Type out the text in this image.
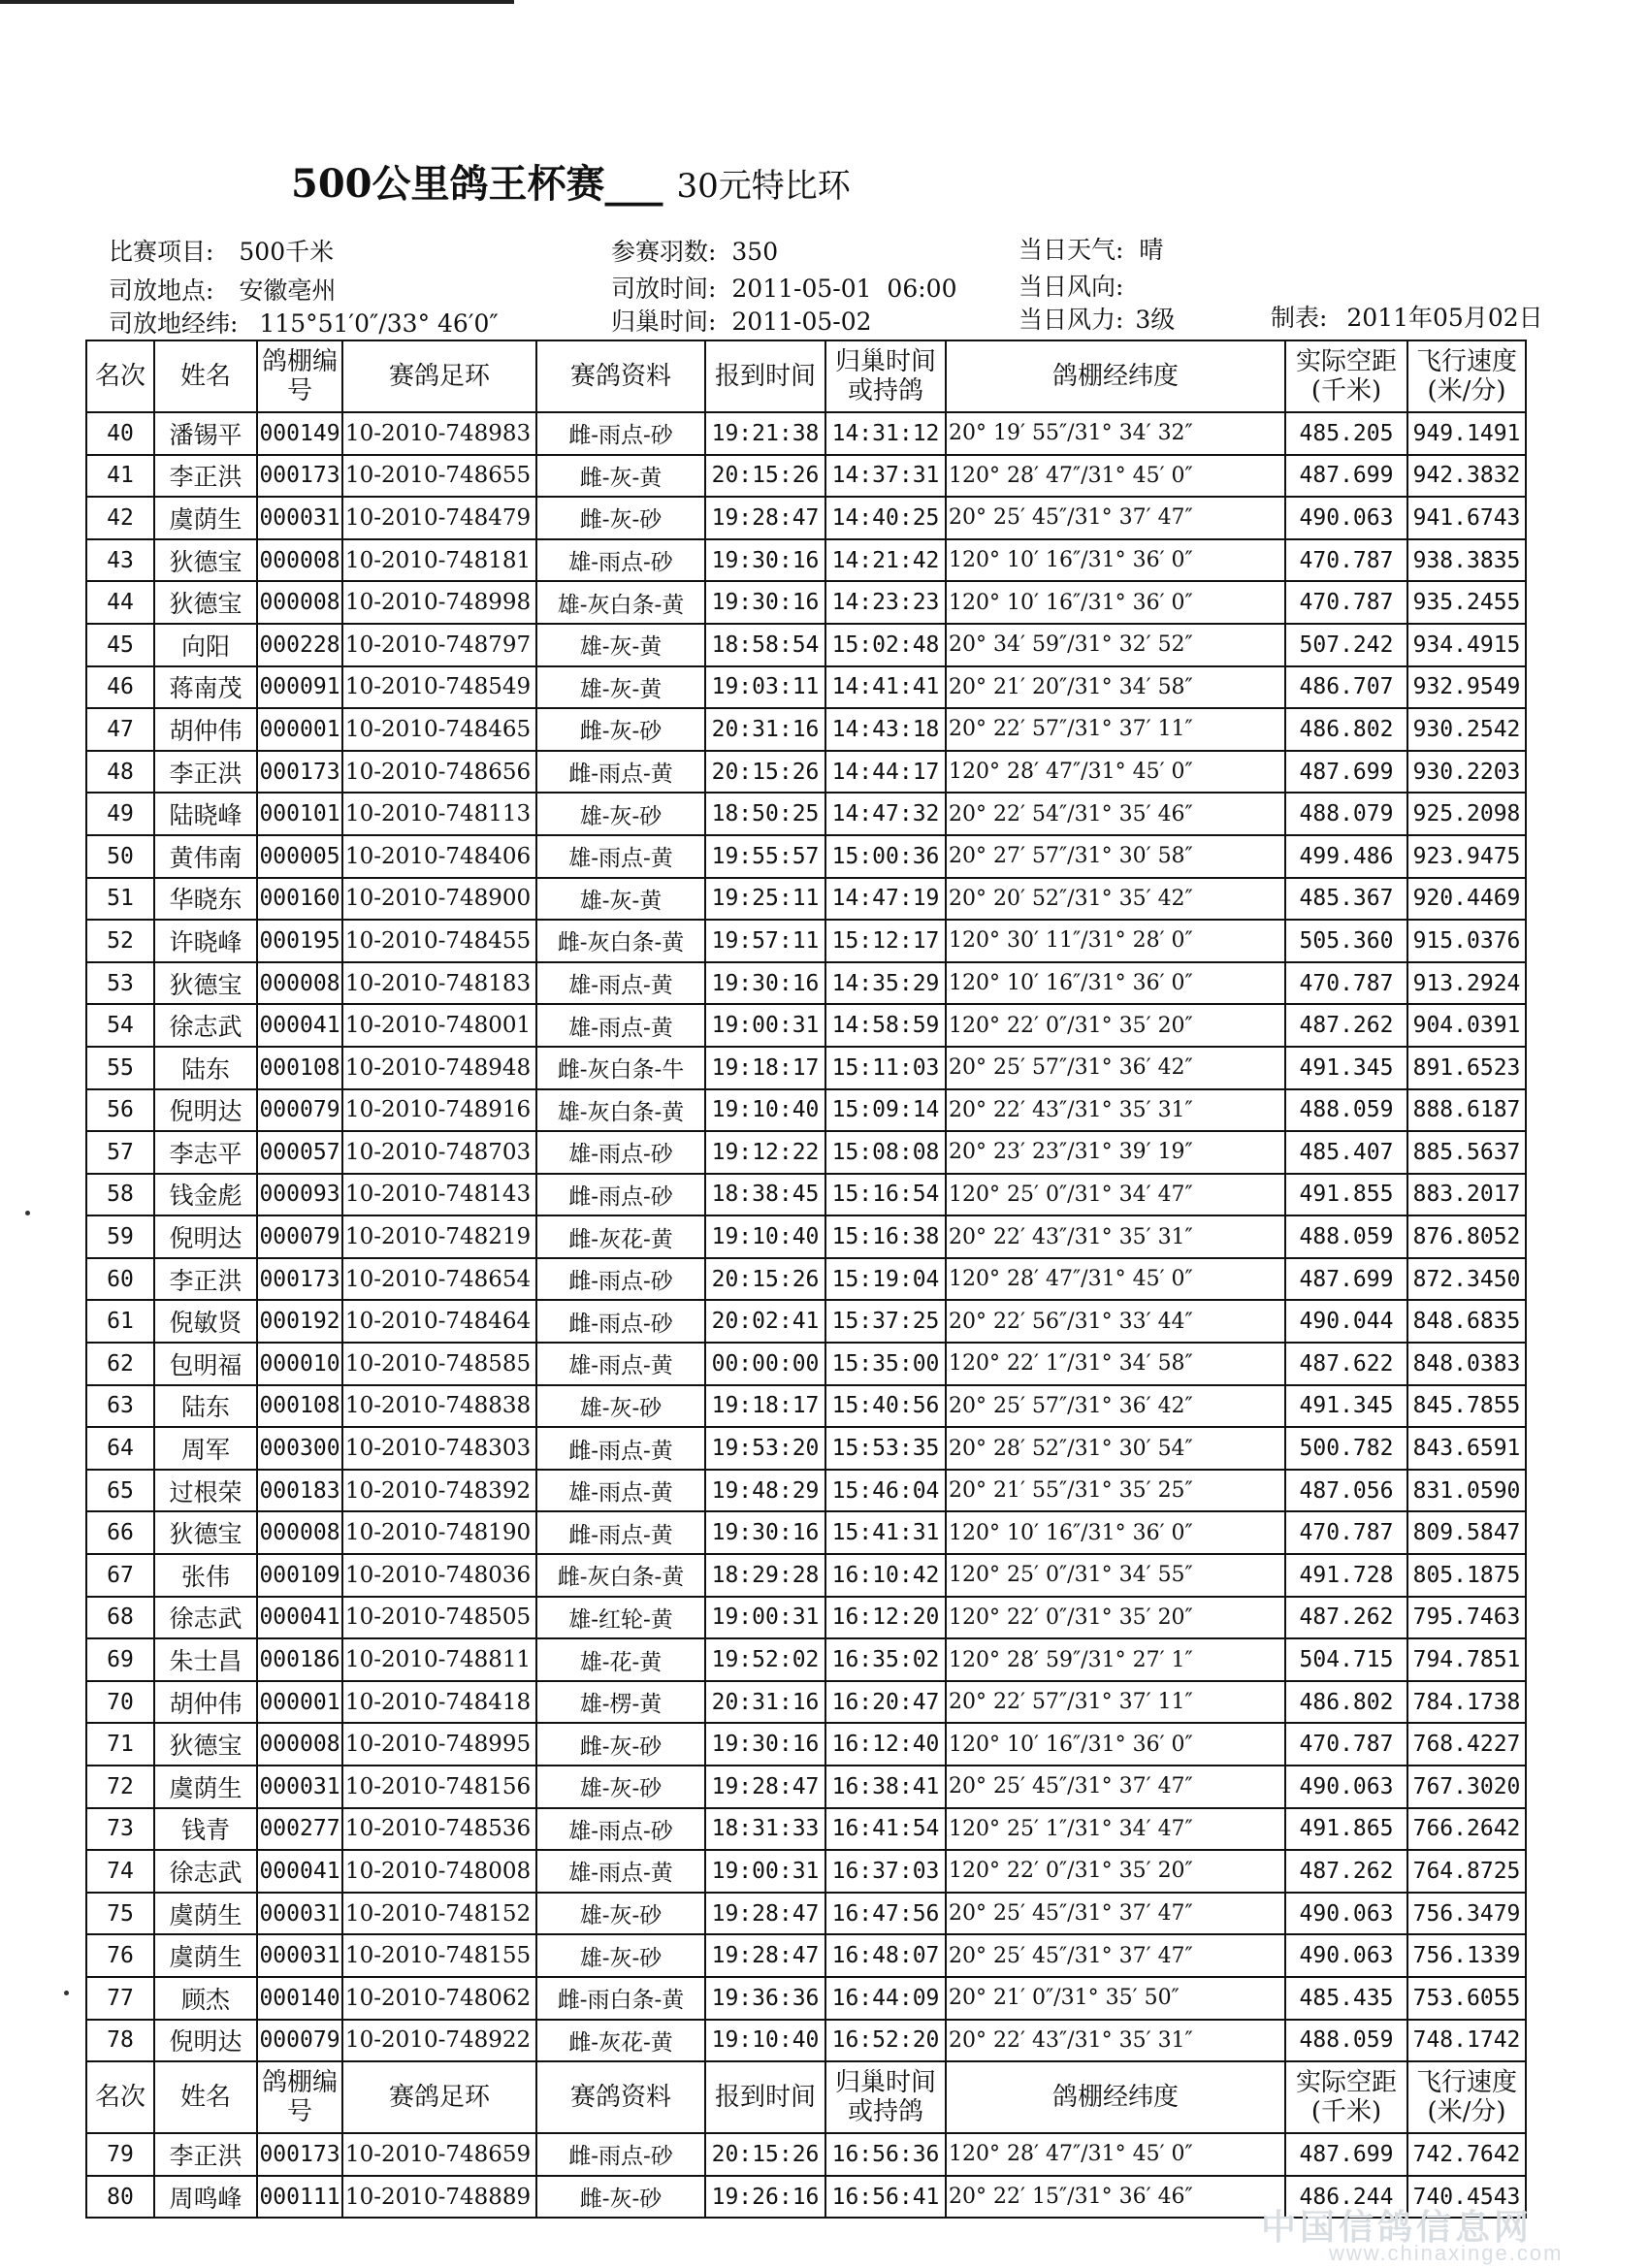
500公里鸽王杯赛___ 30元特比环
比赛项目: 500千米
司放地点: 安徽亳州
司放地经纬: 115°51′0″/33° 46′0″
参赛羽数: 350
司放时间: 2011-05-01  06:00
归巢时间: 2011-05-02
当日天气: 晴
当日风向:
当日风力: 3级	制表: 2011年05月02日
名次	姓名	鸽棚编号	赛鸽足环	赛鸽资料	报到时间	归巢时间或持鸽	鸽棚经纬度	实际空距(千米)	飞行速度(米/分)
40	潘锡平	000149	10-2010-748983	雌-雨点-砂	19:21:38	14:31:12	20° 19′ 55″/31° 34′ 32″	485.205	949.1491
41	李正洪	000173	10-2010-748655	雌-灰-黄	20:15:26	14:37:31	120° 28′ 47″/31° 45′ 0″	487.699	942.3832
42	虞荫生	000031	10-2010-748479	雌-灰-砂	19:28:47	14:40:25	20° 25′ 45″/31° 37′ 47″	490.063	941.6743
43	狄德宝	000008	10-2010-748181	雄-雨点-砂	19:30:16	14:21:42	120° 10′ 16″/31° 36′ 0″	470.787	938.3835
44	狄德宝	000008	10-2010-748998	雄-灰白条-黄	19:30:16	14:23:23	120° 10′ 16″/31° 36′ 0″	470.787	935.2455
45	向阳	000228	10-2010-748797	雄-灰-黄	18:58:54	15:02:48	20° 34′ 59″/31° 32′ 52″	507.242	934.4915
46	蒋南茂	000091	10-2010-748549	雄-灰-黄	19:03:11	14:41:41	20° 21′ 20″/31° 34′ 58″	486.707	932.9549
47	胡仲伟	000001	10-2010-748465	雌-灰-砂	20:31:16	14:43:18	20° 22′ 57″/31° 37′ 11″	486.802	930.2542
48	李正洪	000173	10-2010-748656	雌-雨点-黄	20:15:26	14:44:17	120° 28′ 47″/31° 45′ 0″	487.699	930.2203
49	陆晓峰	000101	10-2010-748113	雄-灰-砂	18:50:25	14:47:32	20° 22′ 54″/31° 35′ 46″	488.079	925.2098
50	黄伟南	000005	10-2010-748406	雄-雨点-黄	19:55:57	15:00:36	20° 27′ 57″/31° 30′ 58″	499.486	923.9475
51	华晓东	000160	10-2010-748900	雄-灰-黄	19:25:11	14:47:19	20° 20′ 52″/31° 35′ 42″	485.367	920.4469
52	许晓峰	000195	10-2010-748455	雌-灰白条-黄	19:57:11	15:12:17	120° 30′ 11″/31° 28′ 0″	505.360	915.0376
53	狄德宝	000008	10-2010-748183	雄-雨点-黄	19:30:16	14:35:29	120° 10′ 16″/31° 36′ 0″	470.787	913.2924
54	徐志武	000041	10-2010-748001	雄-雨点-黄	19:00:31	14:58:59	120° 22′ 0″/31° 35′ 20″	487.262	904.0391
55	陆东	000108	10-2010-748948	雌-灰白条-牛	19:18:17	15:11:03	20° 25′ 57″/31° 36′ 42″	491.345	891.6523
56	倪明达	000079	10-2010-748916	雄-灰白条-黄	19:10:40	15:09:14	20° 22′ 43″/31° 35′ 31″	488.059	888.6187
57	李志平	000057	10-2010-748703	雄-雨点-砂	19:12:22	15:08:08	20° 23′ 23″/31° 39′ 19″	485.407	885.5637
58	钱金彪	000093	10-2010-748143	雌-雨点-砂	18:38:45	15:16:54	120° 25′ 0″/31° 34′ 47″	491.855	883.2017
59	倪明达	000079	10-2010-748219	雌-灰花-黄	19:10:40	15:16:38	20° 22′ 43″/31° 35′ 31″	488.059	876.8052
60	李正洪	000173	10-2010-748654	雌-雨点-砂	20:15:26	15:19:04	120° 28′ 47″/31° 45′ 0″	487.699	872.3450
61	倪敏贤	000192	10-2010-748464	雌-雨点-砂	20:02:41	15:37:25	20° 22′ 56″/31° 33′ 44″	490.044	848.6835
62	包明福	000010	10-2010-748585	雄-雨点-黄	00:00:00	15:35:00	120° 22′ 1″/31° 34′ 58″	487.622	848.0383
63	陆东	000108	10-2010-748838	雄-灰-砂	19:18:17	15:40:56	20° 25′ 57″/31° 36′ 42″	491.345	845.7855
64	周军	000300	10-2010-748303	雌-雨点-黄	19:53:20	15:53:35	20° 28′ 52″/31° 30′ 54″	500.782	843.6591
65	过根荣	000183	10-2010-748392	雄-雨点-黄	19:48:29	15:46:04	20° 21′ 55″/31° 35′ 25″	487.056	831.0590
66	狄德宝	000008	10-2010-748190	雌-雨点-黄	19:30:16	15:41:31	120° 10′ 16″/31° 36′ 0″	470.787	809.5847
67	张伟	000109	10-2010-748036	雌-灰白条-黄	18:29:28	16:10:42	120° 25′ 0″/31° 34′ 55″	491.728	805.1875
68	徐志武	000041	10-2010-748505	雄-红轮-黄	19:00:31	16:12:20	120° 22′ 0″/31° 35′ 20″	487.262	795.7463
69	朱士昌	000186	10-2010-748811	雄-花-黄	19:52:02	16:35:02	120° 28′ 59″/31° 27′ 1″	504.715	794.7851
70	胡仲伟	000001	10-2010-748418	雄-楞-黄	20:31:16	16:20:47	20° 22′ 57″/31° 37′ 11″	486.802	784.1738
71	狄德宝	000008	10-2010-748995	雌-灰-砂	19:30:16	16:12:40	120° 10′ 16″/31° 36′ 0″	470.787	768.4227
72	虞荫生	000031	10-2010-748156	雄-灰-砂	19:28:47	16:38:41	20° 25′ 45″/31° 37′ 47″	490.063	767.3020
73	钱青	000277	10-2010-748536	雄-雨点-砂	18:31:33	16:41:54	120° 25′ 1″/31° 34′ 47″	491.865	766.2642
74	徐志武	000041	10-2010-748008	雄-雨点-黄	19:00:31	16:37:03	120° 22′ 0″/31° 35′ 20″	487.262	764.8725
75	虞荫生	000031	10-2010-748152	雄-灰-砂	19:28:47	16:47:56	20° 25′ 45″/31° 37′ 47″	490.063	756.3479
76	虞荫生	000031	10-2010-748155	雄-灰-砂	19:28:47	16:48:07	20° 25′ 45″/31° 37′ 47″	490.063	756.1339
77	顾杰	000140	10-2010-748062	雌-雨白条-黄	19:36:36	16:44:09	20° 21′ 0″/31° 35′ 50″	485.435	753.6055
78	倪明达	000079	10-2010-748922	雌-灰花-黄	19:10:40	16:52:20	20° 22′ 43″/31° 35′ 31″	488.059	748.1742
名次	姓名	鸽棚编号	赛鸽足环	赛鸽资料	报到时间	归巢时间或持鸽	鸽棚经纬度	实际空距(千米)	飞行速度(米/分)
79	李正洪	000173	10-2010-748659	雌-雨点-砂	20:15:26	16:56:36	120° 28′ 47″/31° 45′ 0″	487.699	742.7642
80	周鸣峰	000111	10-2010-748889	雌-灰-砂	19:26:16	16:56:41	20° 22′ 15″/31° 36′ 46″	486.244	740.4543
中国信鸽信息网
www.chinaxinge.com
